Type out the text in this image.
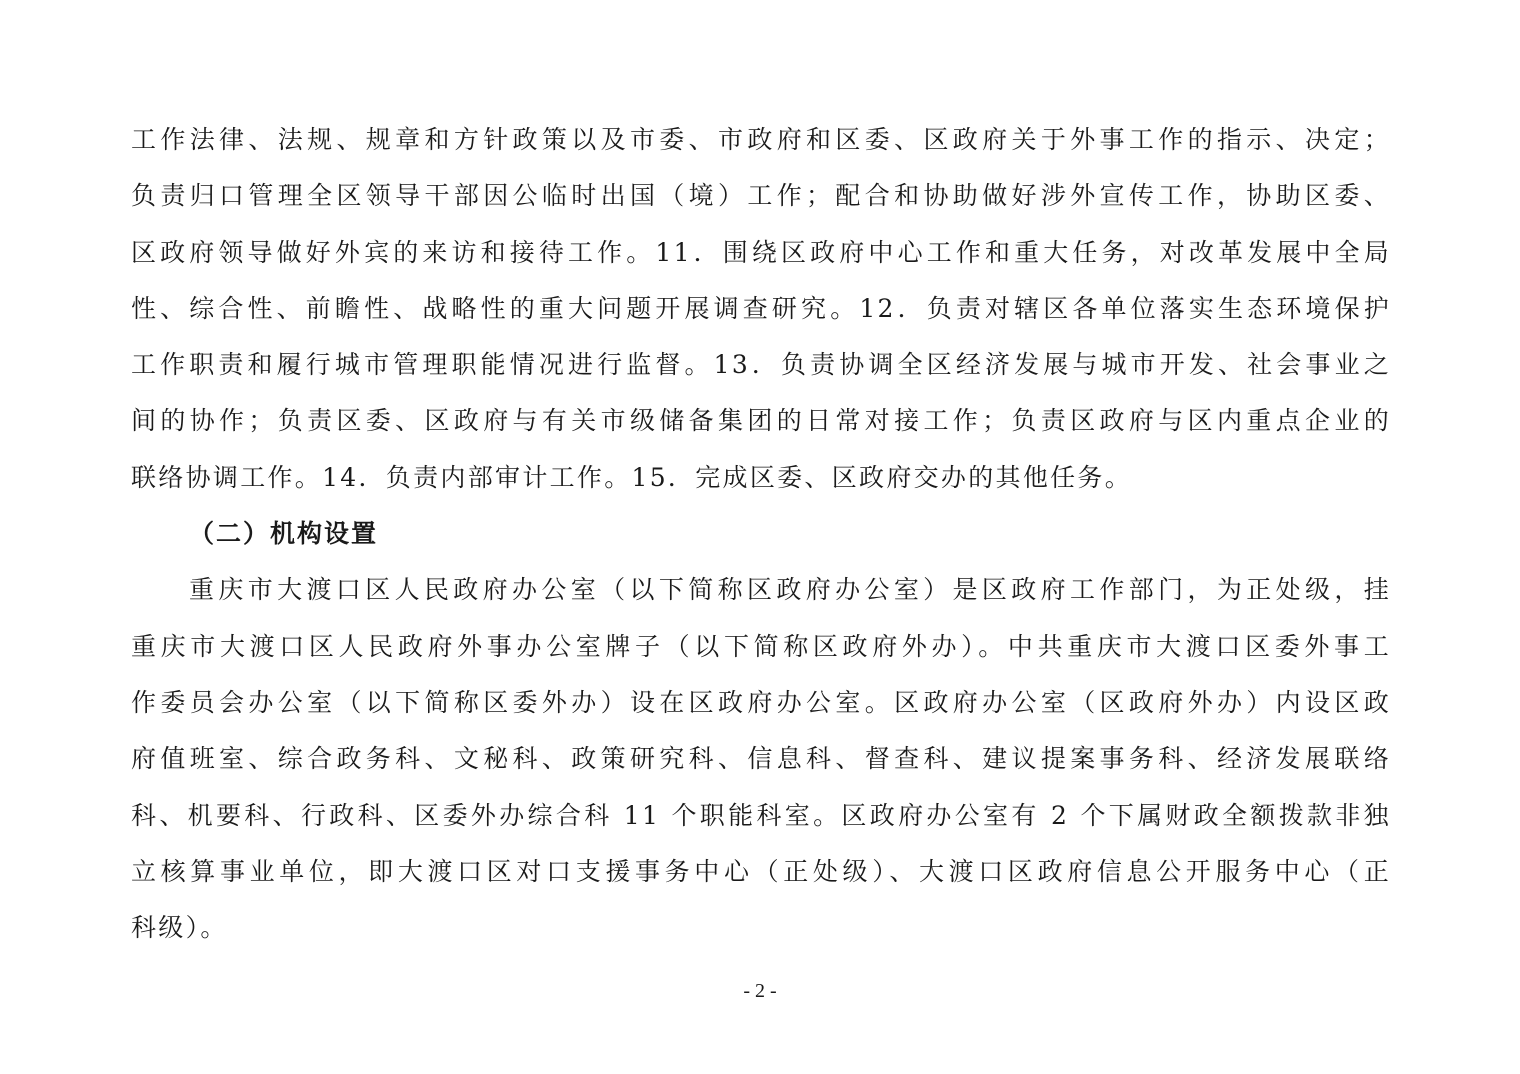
工作法律、法规、规章和方针政策以及市委、市政府和区委、区政府关于外事工作的指示、决定；
负责归口管理全区领导干部因公临时出国（境）工作；配合和协助做好涉外宣传工作，协助区委、
区政府领导做好外宾的来访和接待工作。11．围绕区政府中心工作和重大任务，对改革发展中全局
性、综合性、前瞻性、战略性的重大问题开展调查研究。12．负责对辖区各单位落实生态环境保护
工作职责和履行城市管理职能情况进行监督。13．负责协调全区经济发展与城市开发、社会事业之
间的协作；负责区委、区政府与有关市级储备集团的日常对接工作；负责区政府与区内重点企业的
联络协调工作。14．负责内部审计工作。15．完成区委、区政府交办的其他任务。
（二）机构设置
重庆市大渡口区人民政府办公室（以下简称区政府办公室）是区政府工作部门，为正处级，挂
重庆市大渡口区人民政府外事办公室牌子（以下简称区政府外办）。中共重庆市大渡口区委外事工
作委员会办公室（以下简称区委外办）设在区政府办公室。区政府办公室（区政府外办）内设区政
府值班室、综合政务科、文秘科、政策研究科、信息科、督查科、建议提案事务科、经济发展联络
科、机要科、行政科、区委外办综合科 11 个职能科室。区政府办公室有 2 个下属财政全额拨款非独
立核算事业单位，即大渡口区对口支援事务中心（正处级）、大渡口区政府信息公开服务中心（正
科级）。
- 2 -
